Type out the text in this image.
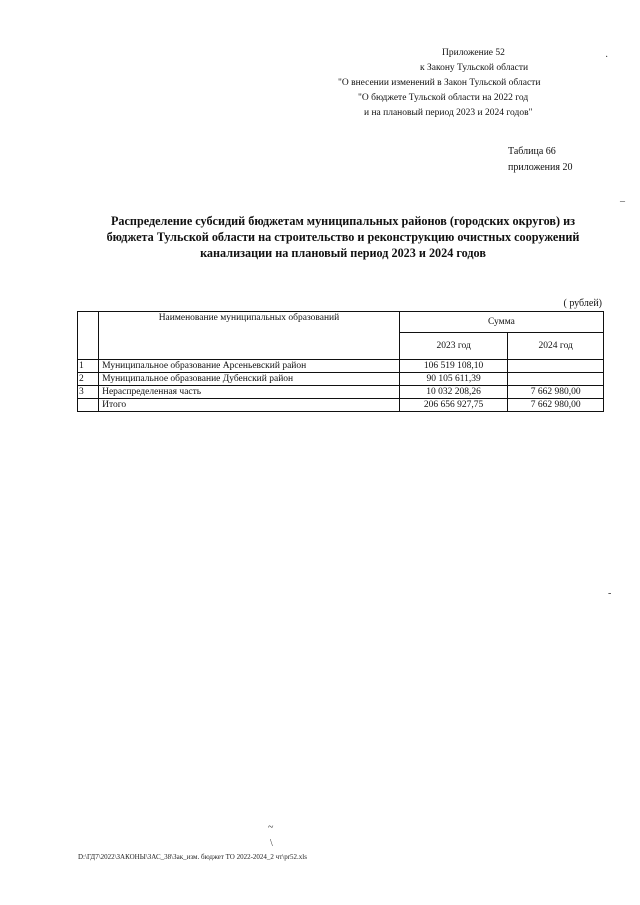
Приложение 52
к Закону Тульской области
"О внесении изменений в Закон Тульской области
"О бюджете Тульской области на 2022 год
и на плановый период 2023 и 2024 годов"
Таблица 66
приложения 20
Распределение субсидий бюджетам муниципальных районов (городских округов) из
бюджета Тульской области на строительство и реконструкцию очистных сооружений
канализации на плановый период 2023 и 2024 годов
( рублей)
	Наименование муниципальных образований	Сумма	
		2023 год	2024 год
1	Муниципальное образование Арсеньевский район	106 519 108,10	
2	Муниципальное образование Дубенский район	90 105 611,39	
3	Нераспределенная часть	10 032 208,26	7 662 980,00
	Итого	206 656 927,75	7 662 980,00
·
–
-
~
\
D:\ГД7\2022\ЗАКОНЫ\ЗАС_38\Зак_изм. бюджет ТО 2022-2024_2 чт\pr52.xls
